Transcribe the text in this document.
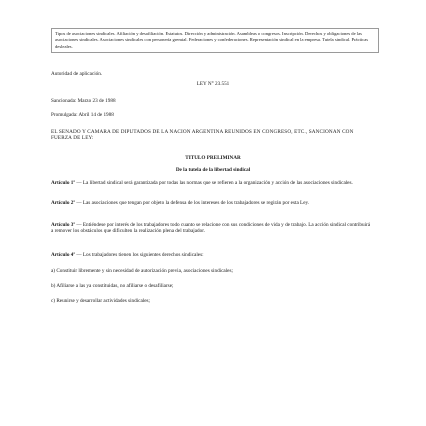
Tipos de asociaciones sindicales. Afiliación y desafiliación. Estatutos. Dirección y administración. Asambleas o congresos. Inscripción. Derechos y obligaciones de las asociaciones sindicales. Asociaciones sindicales con personería gremial. Federaciones y confederaciones. Representación sindical en la empresa. Tutela sindical. Prácticas desleales.

Autoridad de aplicación.
LEY N° 23.551
Sancionada: Marzo 23 de 1988
Promulgada: Abril 14 de 1988

EL SENADO Y CAMARA DE DIPUTADOS DE LA NACION ARGENTINA REUNIDOS EN CONGRESO, ETC., SANCIONAN CON FUERZA DE LEY:

TITULO PRELIMINAR
De la tutela de la libertad sindical

Artículo 1º — La libertad sindical será garantizada por todas las normas que se refieren a la organización y acción de las asociaciones sindicales.

Artículo 2º — Las asociaciones que tengan por objeto la defensa de los intereses de los trabajadores se regirán por esta Ley.

Artículo 3º — Entiéndese por interés de los trabajadores todo cuanto se relacione con sus condiciones de vida y de trabajo. La acción sindical contribuirá a remover los obstáculos que dificulten la realización plena del trabajador.

Artículo 4º — Los trabajadores tienen los siguientes derechos sindicales:

a) Constituir libremente y sin necesidad de autorización previa, asociaciones sindicales;
b) Afiliarse a las ya constituidas, no afiliarse o desafiliarse;
c) Reunirse y desarrollar actividades sindicales;
